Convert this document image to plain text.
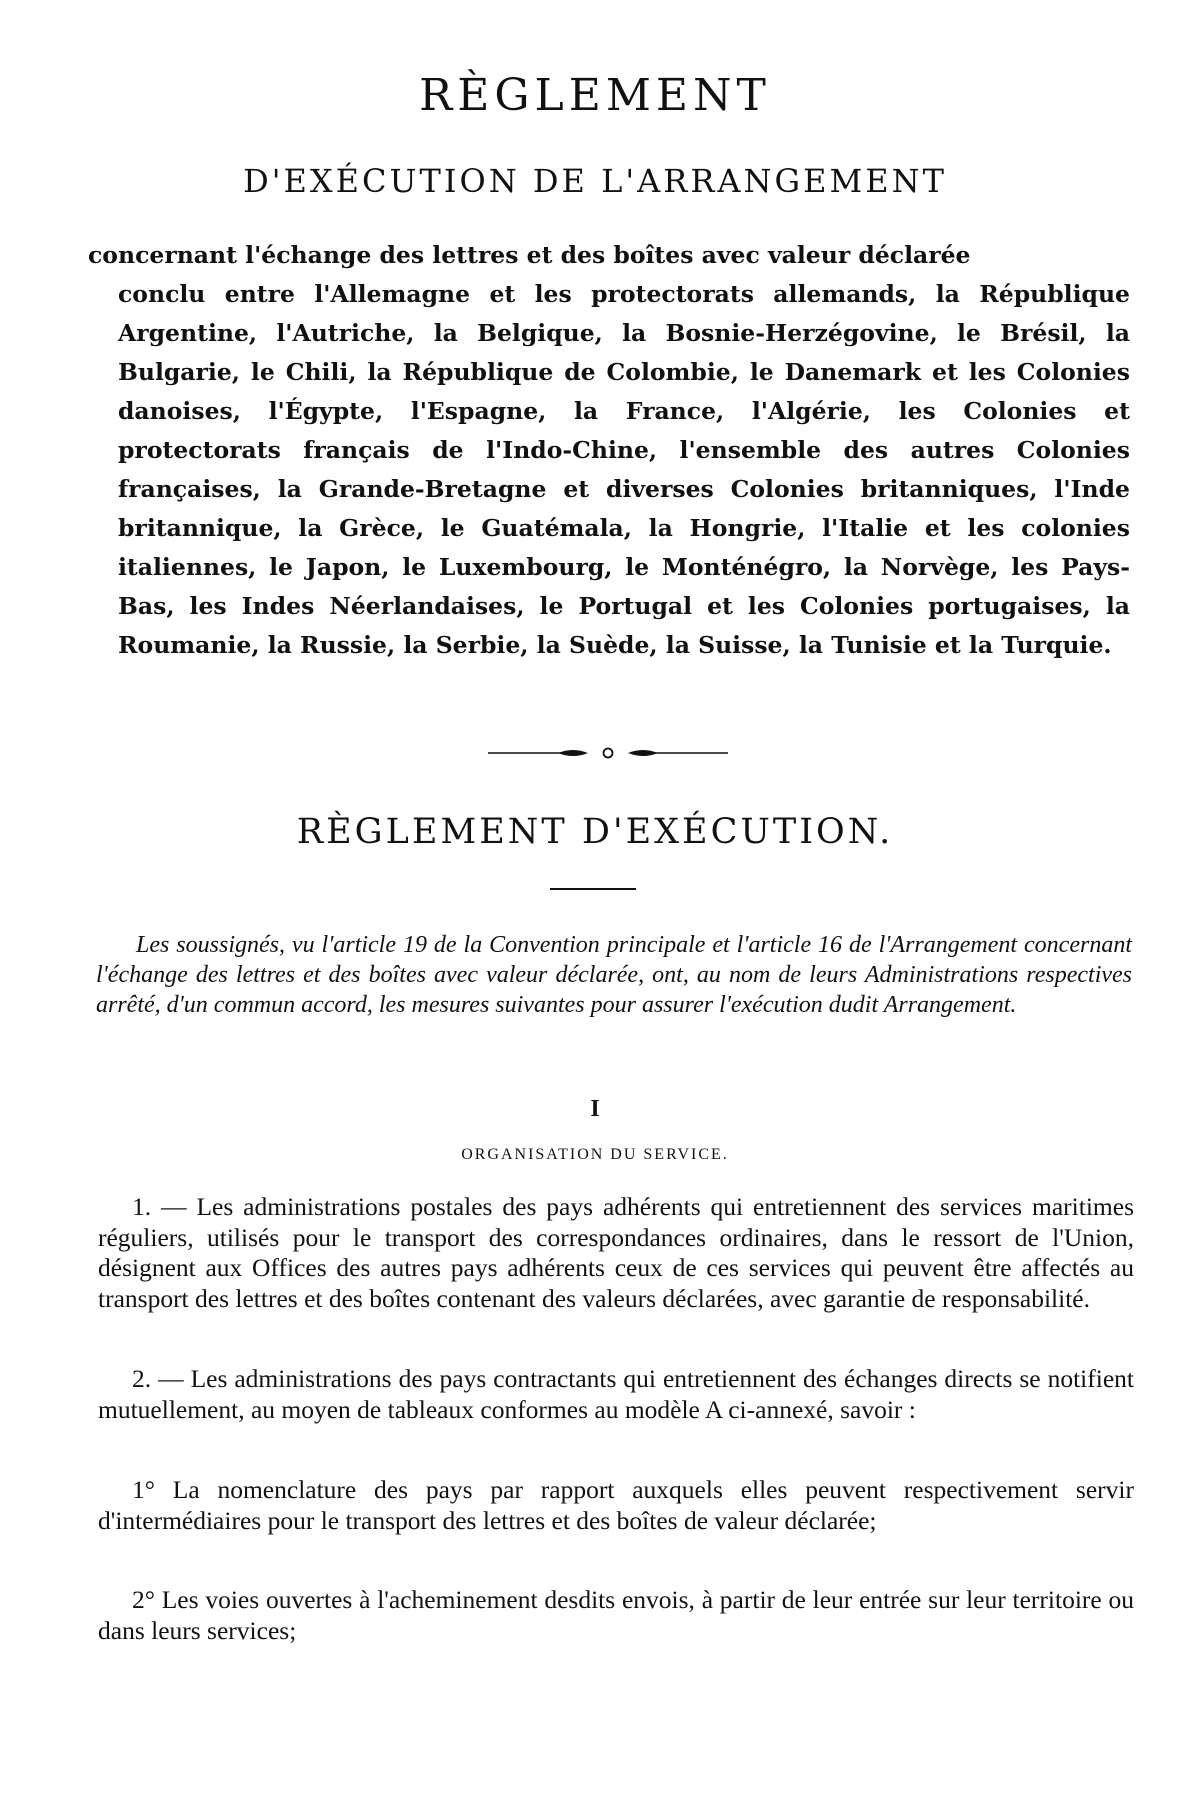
RÈGLEMENT
D'EXÉCUTION DE L'ARRANGEMENT

concernant l'échange des lettres et des boîtes avec valeur déclarée
conclu entre l'Allemagne et les protectorats allemands, la République Argentine, l'Autriche, la Belgique, la Bosnie-Herzégovine, le Brésil, la Bulgarie, le Chili, la République de Colombie, le Danemark et les Colonies danoises, l'Égypte, l'Espagne, la France, l'Algérie, les Colonies et protectorats français de l'Indo-Chine, l'ensemble des autres Colonies françaises, la Grande-Bretagne et diverses Colonies britanniques, l'Inde britannique, la Grèce, le Guatémala, la Hongrie, l'Italie et les colonies italiennes, le Japon, le Luxembourg, le Monténégro, la Norvège, les Pays-Bas, les Indes Néerlandaises, le Portugal et les Colonies portugaises, la Roumanie, la Russie, la Serbie, la Suède, la Suisse, la Tunisie et la Turquie.

RÈGLEMENT D'EXÉCUTION.

Les soussignés, vu l'article 19 de la Convention principale et l'article 16 de l'Arrangement concernant l'échange des lettres et des boîtes avec valeur déclarée, ont, au nom de leurs Administrations respectives arrêté, d'un commun accord, les mesures suivantes pour assurer l'exécution dudit Arrangement.

I

ORGANISATION DU SERVICE.

1. — Les administrations postales des pays adhérents qui entretiennent des services maritimes réguliers, utilisés pour le transport des correspondances ordinaires, dans le ressort de l'Union, désignent aux Offices des autres pays adhérents ceux de ces services qui peuvent être affectés au transport des lettres et des boîtes contenant des valeurs déclarées, avec garantie de responsabilité.

2. — Les administrations des pays contractants qui entretiennent des échanges directs se notifient mutuellement, au moyen de tableaux conformes au modèle A ci-annexé, savoir :

1° La nomenclature des pays par rapport auxquels elles peuvent respectivement servir d'intermédiaires pour le transport des lettres et des boîtes de valeur déclarée;

2° Les voies ouvertes à l'acheminement desdits envois, à partir de leur entrée sur leur territoire ou dans leurs services;
